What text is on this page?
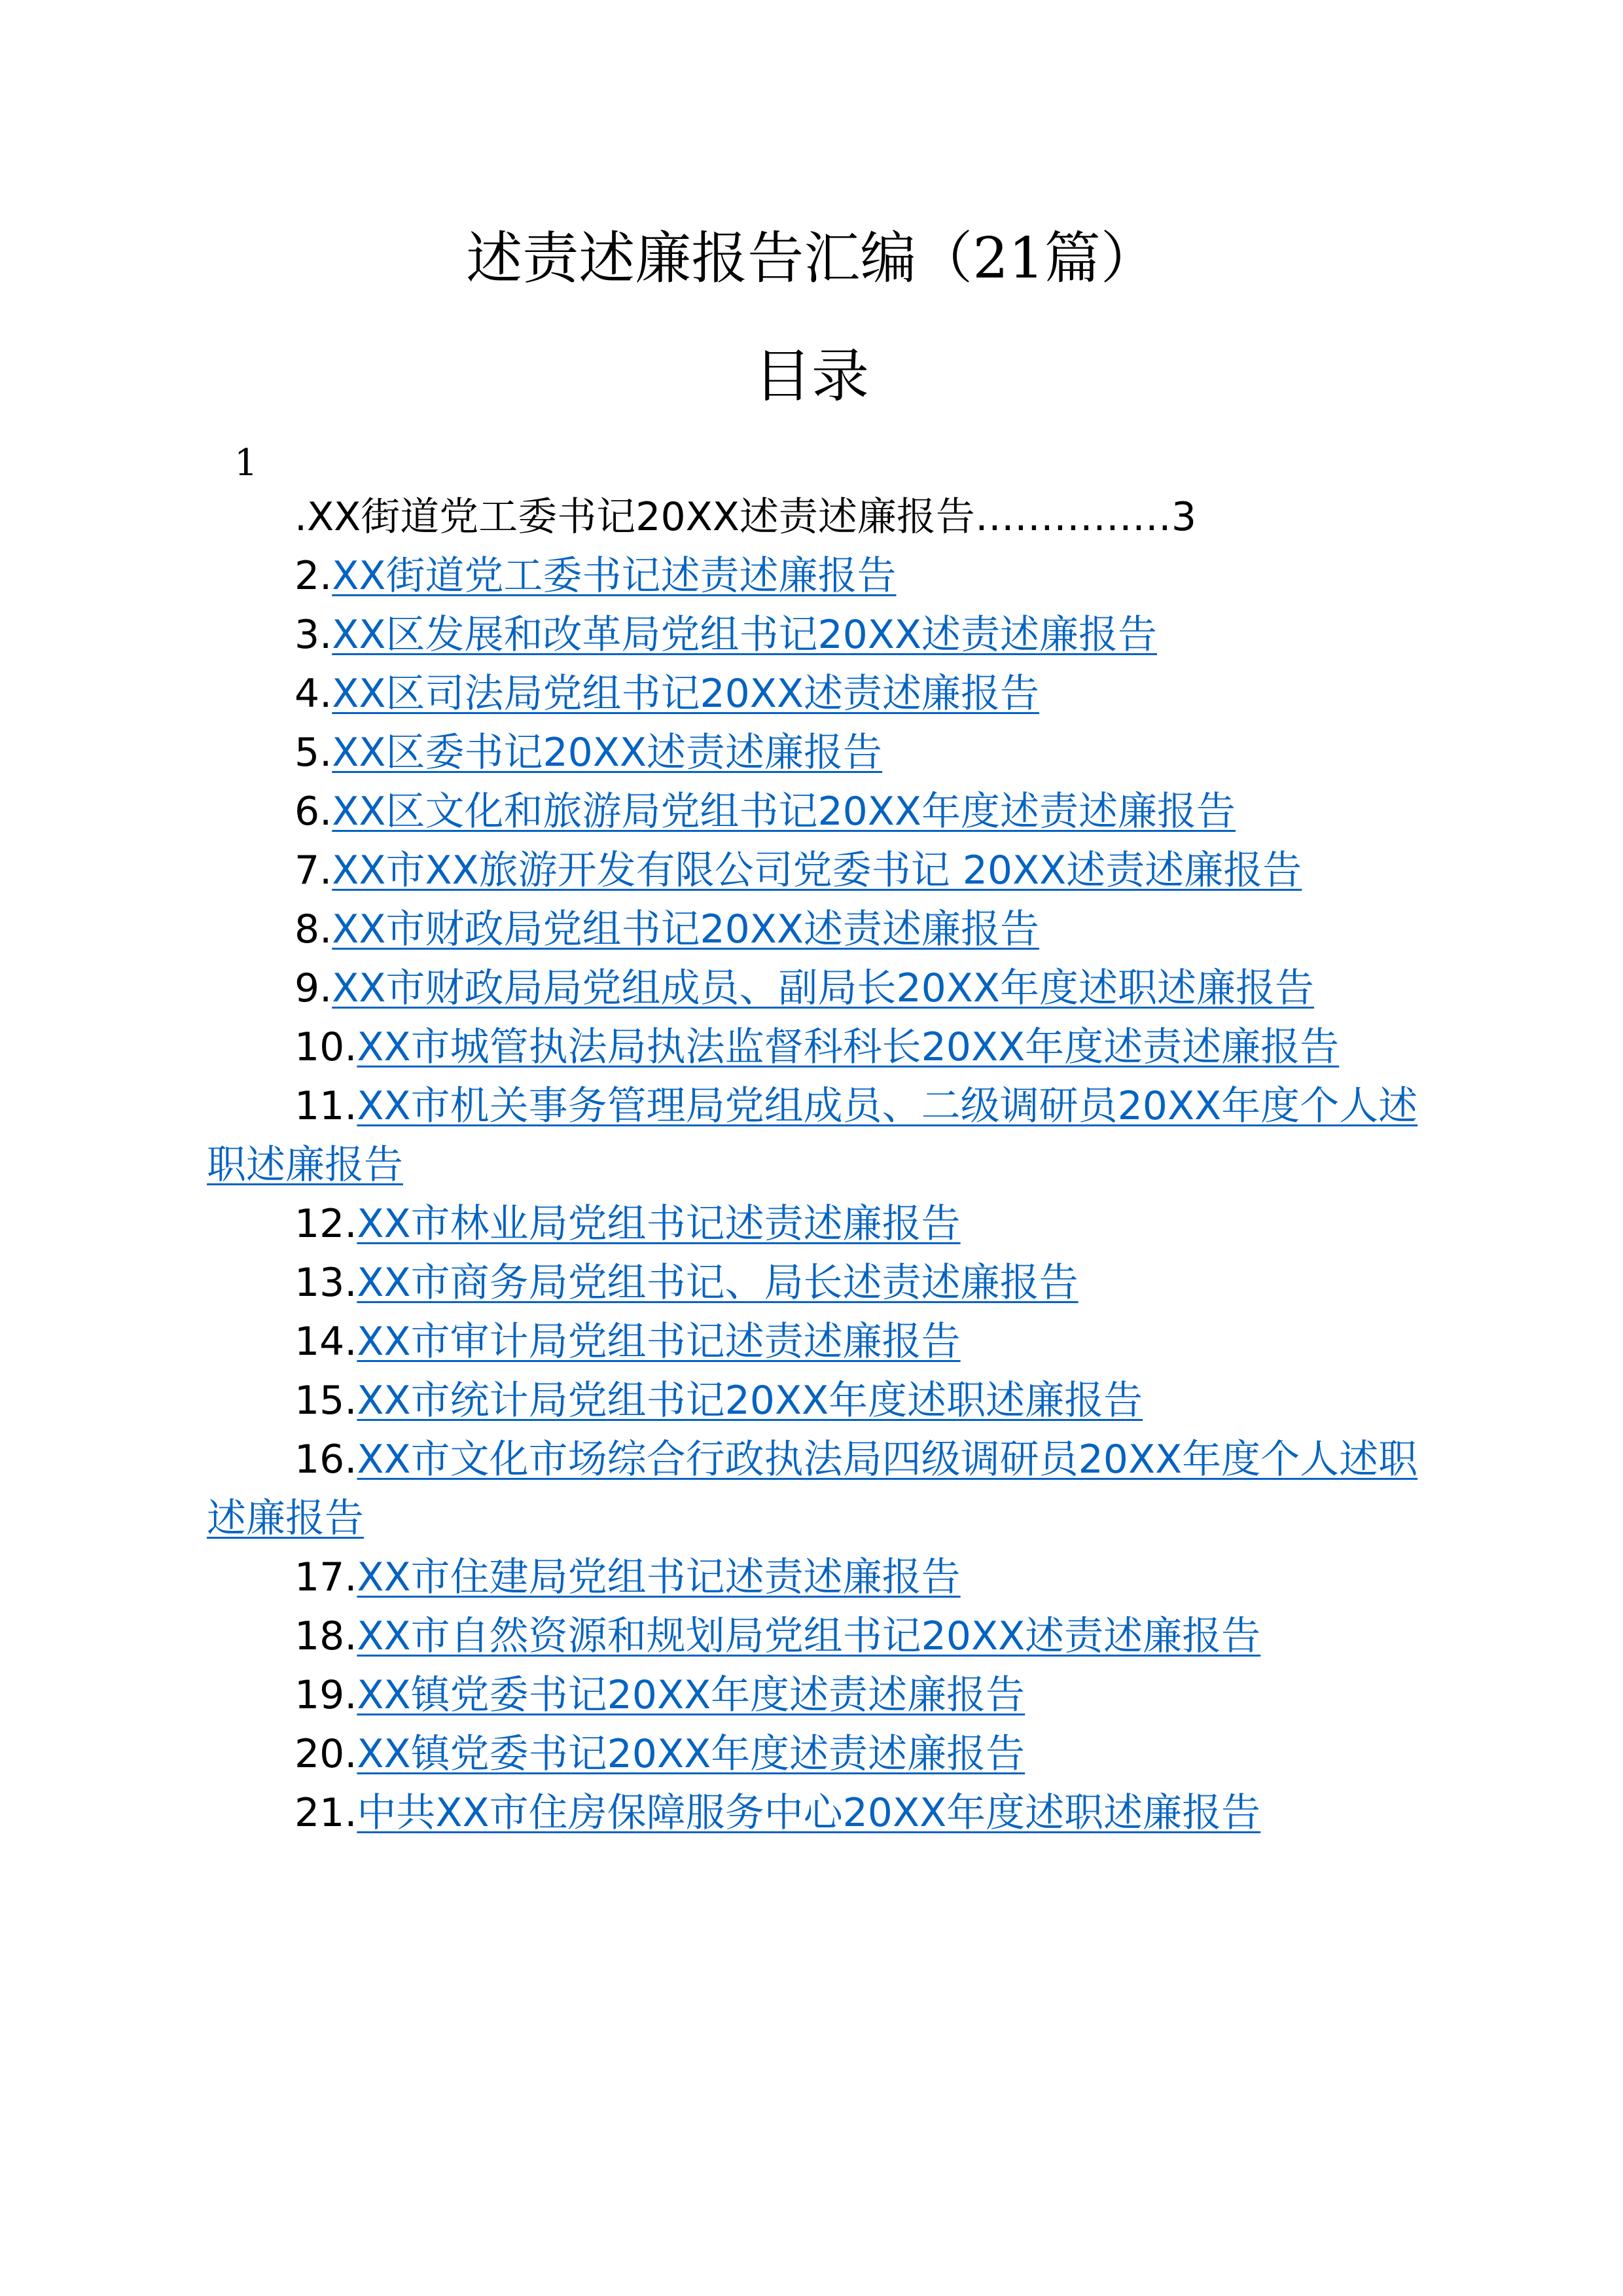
述责述廉报告汇编（21篇）
目录
1
.XX街道党工委书记20XX述责述廉报告……………3
2.XX街道党工委书记述责述廉报告
3.XX区发展和改革局党组书记20XX述责述廉报告
4.XX区司法局党组书记20XX述责述廉报告
5.XX区委书记20XX述责述廉报告
6.XX区文化和旅游局党组书记20XX年度述责述廉报告
7.XX市XX旅游开发有限公司党委书记 20XX述责述廉报告
8.XX市财政局党组书记20XX述责述廉报告
9.XX市财政局局党组成员、副局长20XX年度述职述廉报告
10.XX市城管执法局执法监督科科长20XX年度述责述廉报告
11.XX市机关事务管理局党组成员、二级调研员20XX年度个人述职述廉报告
12.XX市林业局党组书记述责述廉报告
13.XX市商务局党组书记、局长述责述廉报告
14.XX市审计局党组书记述责述廉报告
15.XX市统计局党组书记20XX年度述职述廉报告
16.XX市文化市场综合行政执法局四级调研员20XX年度个人述职述廉报告
17.XX市住建局党组书记述责述廉报告
18.XX市自然资源和规划局党组书记20XX述责述廉报告
19.XX镇党委书记20XX年度述责述廉报告
20.XX镇党委书记20XX年度述责述廉报告
21.中共XX市住房保障服务中心20XX年度述职述廉报告
